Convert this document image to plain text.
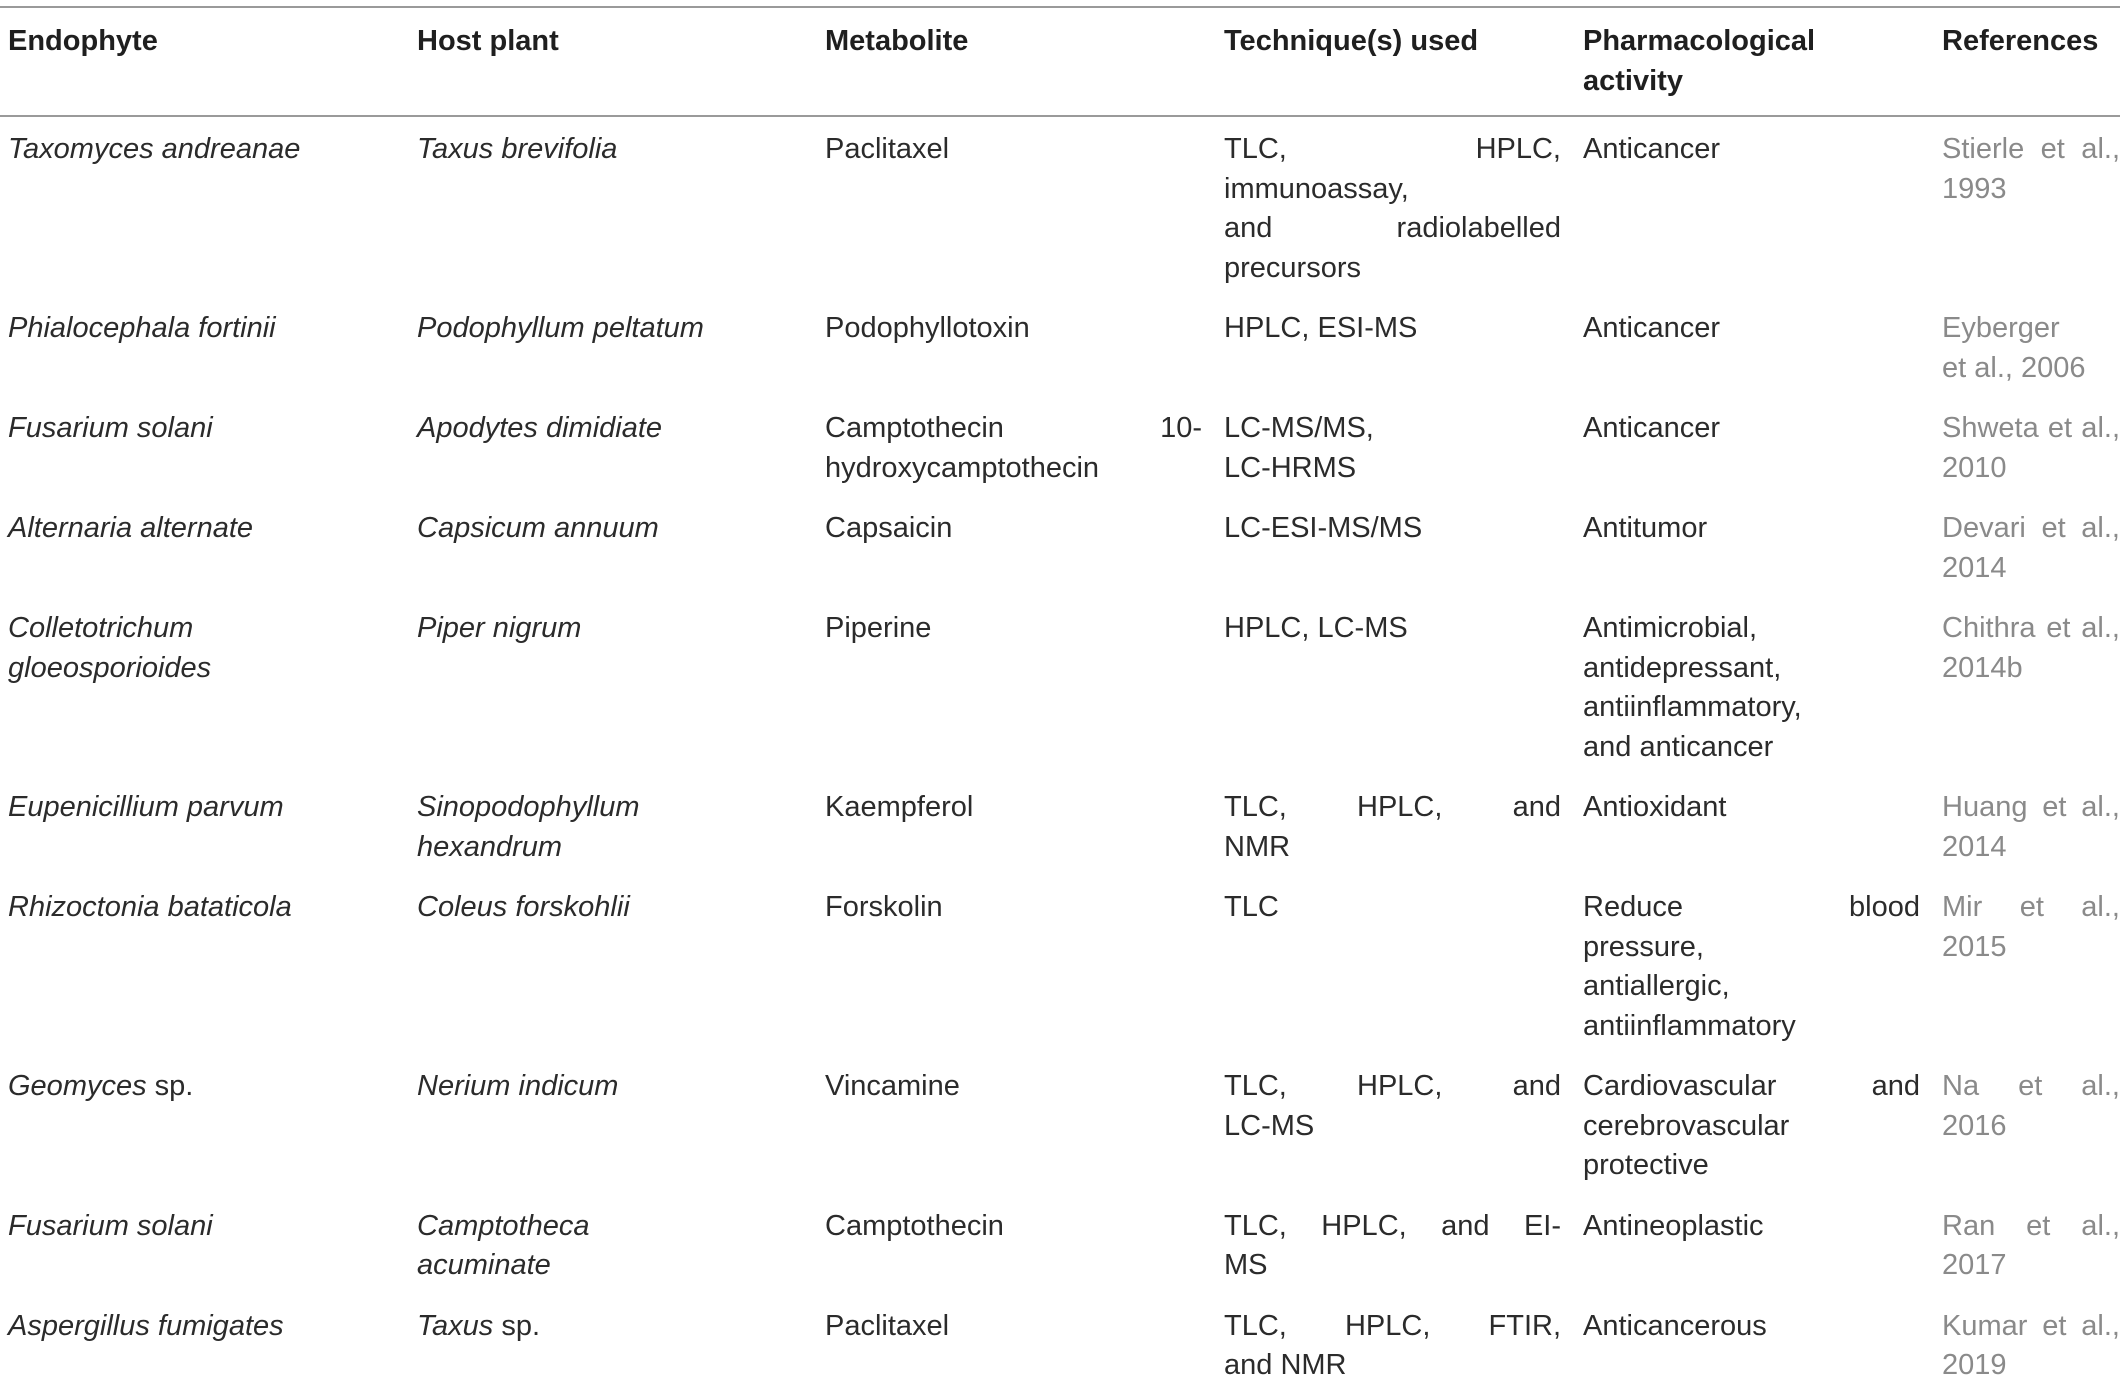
Endophyte	Host plant	Metabolite	Technique(s) used	Pharmacological
activity	References
Taxomyces andreanae	Taxus brevifolia	Paclitaxel	TLC, HPLC,
immunoassay,
and radiolabelled
precursors	Anticancer	Stierle et al.,
1993

Phialocephala fortinii	Podophyllum peltatum	Podophyllotoxin	HPLC, ESI-MS	Anticancer	Eyberger
et al., 2006

Fusarium solani	Apodytes dimidiate	Camptothecin 10-
hydroxycamptothecin	LC-MS/MS,
LC-HRMS	Anticancer	Shweta et al.,
2010

Alternaria alternate	Capsicum annuum	Capsaicin	LC-ESI-MS/MS	Antitumor	Devari et al.,
2014

Colletotrichum
gloeosporioides	Piper nigrum	Piperine	HPLC, LC-MS	Antimicrobial,
antidepressant,
antiinflammatory,
and anticancer	Chithra et al.,
2014b

Eupenicillium parvum	Sinopodophyllum
hexandrum	Kaempferol	TLC, HPLC, and
NMR	Antioxidant	Huang et al.,
2014

Rhizoctonia bataticola	Coleus forskohlii	Forskolin	TLC	Reduce blood
pressure,
antiallergic,
antiinflammatory	Mir et al.,
2015

Geomyces sp.	Nerium indicum	Vincamine	TLC, HPLC, and
LC-MS	Cardiovascular and
cerebrovascular
protective	Na et al.,
2016

Fusarium solani	Camptotheca
acuminate	Camptothecin	TLC, HPLC, and EI-
MS	Antineoplastic	Ran et al.,
2017

Aspergillus fumigates	Taxus sp.	Paclitaxel	TLC, HPLC, FTIR,
and NMR	Anticancerous	Kumar et al.,
2019
